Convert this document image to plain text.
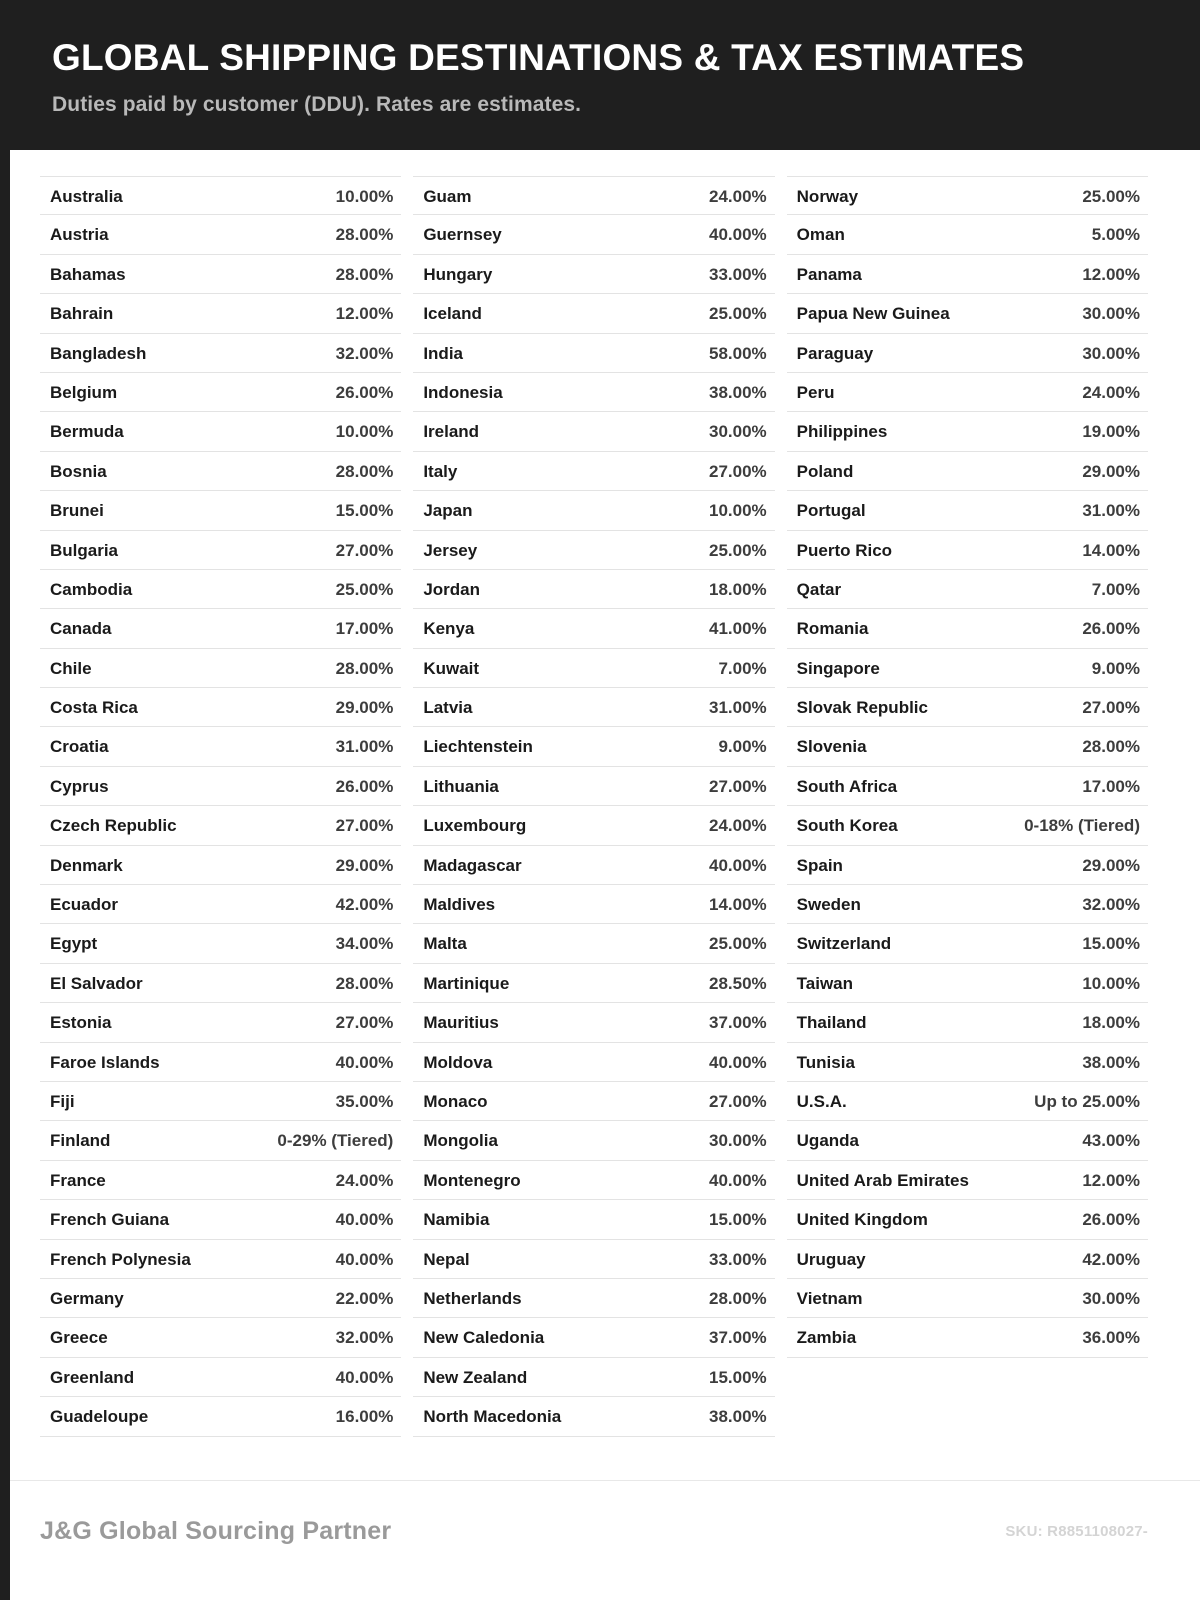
GLOBAL SHIPPING DESTINATIONS & TAX ESTIMATES
Duties paid by customer (DDU). Rates are estimates.
Australia	10.00%
Austria	28.00%
Bahamas	28.00%
Bahrain	12.00%
Bangladesh	32.00%
Belgium	26.00%
Bermuda	10.00%
Bosnia	28.00%
Brunei	15.00%
Bulgaria	27.00%
Cambodia	25.00%
Canada	17.00%
Chile	28.00%
Costa Rica	29.00%
Croatia	31.00%
Cyprus	26.00%
Czech Republic	27.00%
Denmark	29.00%
Ecuador	42.00%
Egypt	34.00%
El Salvador	28.00%
Estonia	27.00%
Faroe Islands	40.00%
Fiji	35.00%
Finland	0-29% (Tiered)
France	24.00%
French Guiana	40.00%
French Polynesia	40.00%
Germany	22.00%
Greece	32.00%
Greenland	40.00%
Guadeloupe	16.00%
Guam	24.00%
Guernsey	40.00%
Hungary	33.00%
Iceland	25.00%
India	58.00%
Indonesia	38.00%
Ireland	30.00%
Italy	27.00%
Japan	10.00%
Jersey	25.00%
Jordan	18.00%
Kenya	41.00%
Kuwait	7.00%
Latvia	31.00%
Liechtenstein	9.00%
Lithuania	27.00%
Luxembourg	24.00%
Madagascar	40.00%
Maldives	14.00%
Malta	25.00%
Martinique	28.50%
Mauritius	37.00%
Moldova	40.00%
Monaco	27.00%
Mongolia	30.00%
Montenegro	40.00%
Namibia	15.00%
Nepal	33.00%
Netherlands	28.00%
New Caledonia	37.00%
New Zealand	15.00%
North Macedonia	38.00%
Norway	25.00%
Oman	5.00%
Panama	12.00%
Papua New Guinea	30.00%
Paraguay	30.00%
Peru	24.00%
Philippines	19.00%
Poland	29.00%
Portugal	31.00%
Puerto Rico	14.00%
Qatar	7.00%
Romania	26.00%
Singapore	9.00%
Slovak Republic	27.00%
Slovenia	28.00%
South Africa	17.00%
South Korea	0-18% (Tiered)
Spain	29.00%
Sweden	32.00%
Switzerland	15.00%
Taiwan	10.00%
Thailand	18.00%
Tunisia	38.00%
U.S.A.	Up to 25.00%
Uganda	43.00%
United Arab Emirates	12.00%
United Kingdom	26.00%
Uruguay	42.00%
Vietnam	30.00%
Zambia	36.00%
J&G Global Sourcing Partner	SKU: R8851108027-
